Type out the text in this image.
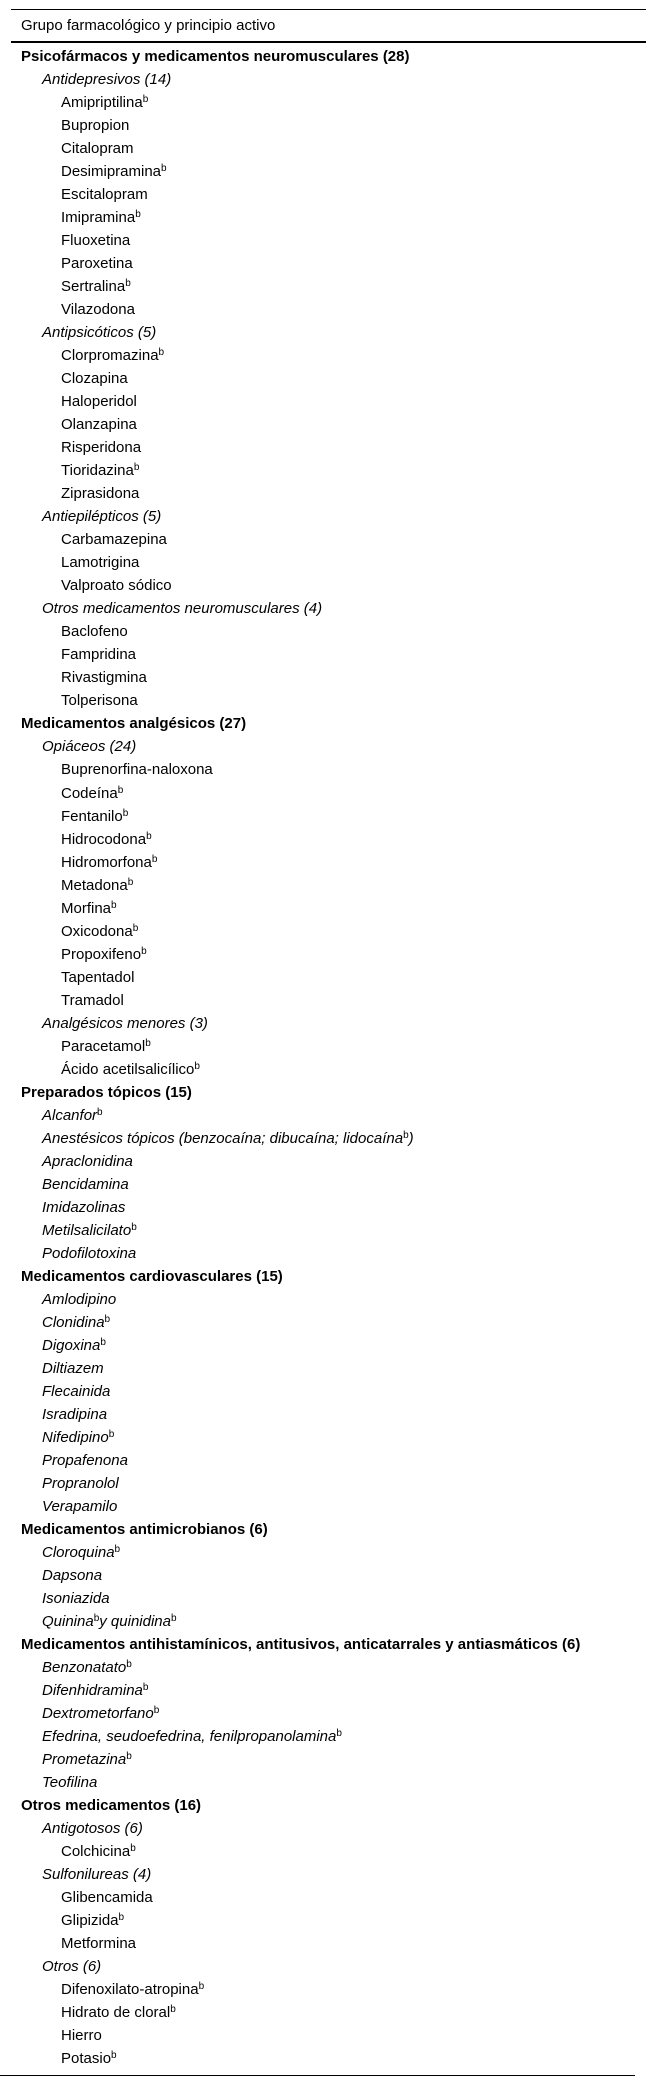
Grupo farmacológico y principio activo
Psicofármacos y medicamentos neuromusculares (28)
Antidepresivos (14)
Amipriptilina$^b$
Bupropion
Citalopram
Desimipramina$^b$
Escitalopram
Imipramina$^b$
Fluoxetina
Paroxetina
Sertralina$^b$
Vilazodona
Antipsicóticos (5)
Clorpromazina$^b$
Clozapina
Haloperidol
Olanzapina
Risperidona
Tioridazina$^b$
Ziprasidona
Antiepilépticos (5)
Carbamazepina
Lamotrigina
Valproato sódico
Otros medicamentos neuromusculares (4)
Baclofeno
Fampridina
Rivastigmina
Tolperisona
Medicamentos analgésicos (27)
Opiáceos (24)
Buprenorfina-naloxona
Codeína$^b$
Fentanilo$^b$
Hidrocodona$^b$
Hidromorfona$^b$
Metadona$^b$
Morfina$^b$
Oxicodona$^b$
Propoxifeno$^b$
Tapentadol
Tramadol
Analgésicos menores (3)
Paracetamol$^b$
Ácido acetilsalicílico$^b$
Preparados tópicos (15)
Alcanfor$^b$
Anestésicos tópicos (benzocaína; dibucaína; lidocaína$^b$)
Apraclonidina
Bencidamina
Imidazolinas
Metilsalicilato$^b$
Podofilotoxina
Medicamentos cardiovasculares (15)
Amlodipino
Clonidina$^b$
Digoxina$^b$
Diltiazem
Flecainida
Isradipina
Nifedipino$^b$
Propafenona
Propranolol
Verapamilo
Medicamentos antimicrobianos (6)
Cloroquina$^b$
Dapsona
Isoniazida
Quinina$^b$y quinidina$^b$
Medicamentos antihistamínicos, antitusivos, anticatarrales y antiasmáticos (6)
Benzonatato$^b$
Difenhidramina$^b$
Dextrometorfano$^b$
Efedrina, seudoefedrina, fenilpropanolamina$^b$
Prometazina$^b$
Teofilina
Otros medicamentos (16)
Antigotosos (6)
Colchicina$^b$
Sulfonilureas (4)
Glibencamida
Glipizida$^b$
Metformina
Otros (6)
Difenoxilato-atropina$^b$
Hidrato de cloral$^b$
Hierro
Potasio$^b$
